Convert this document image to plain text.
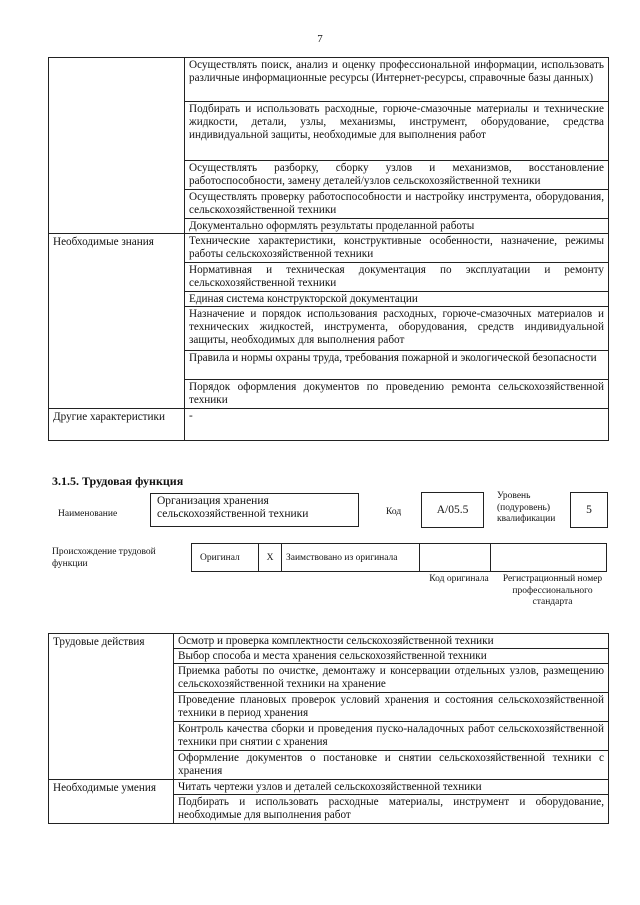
7
	Осуществлять поиск, анализ и оценку профессиональной информации, использовать различные информационные ресурсы (Интернет-ресурсы, справочные базы данных)
	Подбирать и использовать расходные, горюче-смазочные материалы и технические жидкости, детали, узлы, механизмы, инструмент, оборудование, средства индивидуальной защиты, необходимые для выполнения работ
	Осуществлять разборку, сборку узлов и механизмов, восстановление работоспособности, замену деталей/узлов сельскохозяйственной техники
	Осуществлять проверку работоспособности и настройку инструмента, оборудования, сельскохозяйственной техники
	Документально оформлять результаты проделанной работы
Необходимые знания	Технические характеристики, конструктивные особенности, назначение, режимы работы сельскохозяйственной техники
	Нормативная и техническая документация по эксплуатации и ремонту сельскохозяйственной техники
	Единая система конструкторской документации
	Назначение и порядок использования расходных, горюче-смазочных материалов и технических жидкостей, инструмента, оборудования, средств индивидуальной защиты, необходимых для выполнения работ
	Правила и нормы охраны труда, требования пожарной и экологической безопасности
	Порядок оформления документов по проведению ремонта сельскохозяйственной техники
Другие характеристики	-
3.1.5. Трудовая функция
Наименование
Организация хранения сельскохозяйственной техники	Код	A/05.5
Уровень (подуровень) квалификации
5
Происхождение трудовой функции
Оригинал	X	Заимствовано из оригинала
Код оригинала	Регистрационный номер профессионального стандарта
Трудовые действия	Осмотр и проверка комплектности сельскохозяйственной техники
	Выбор способа и места хранения сельскохозяйственной техники
	Приемка работы по очистке, демонтажу и консервации отдельных узлов, размещению сельскохозяйственной техники на хранение
	Проведение плановых проверок условий хранения и состояния сельскохозяйственной техники в период хранения
	Контроль качества сборки и проведения пуско-наладочных работ сельскохозяйственной техники при снятии с хранения
	Оформление документов о постановке и снятии сельскохозяйственной техники с хранения
Необходимые умения	Читать чертежи узлов и деталей сельскохозяйственной техники
	Подбирать и использовать расходные материалы, инструмент и оборудование, необходимые для выполнения работ
